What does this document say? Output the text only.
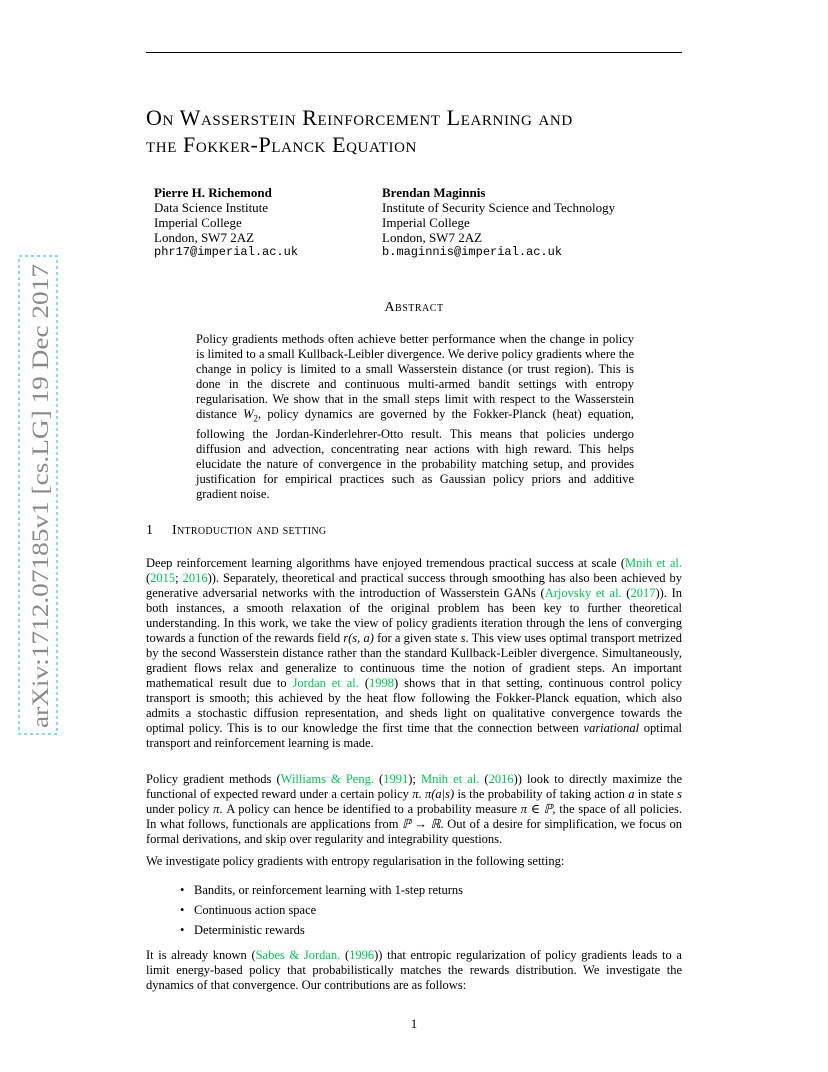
arXiv:1712.07185v1 [cs.LG] 19 Dec 2017
On Wasserstein Reinforcement Learning and
the Fokker-Planck Equation
Pierre H. Richemond
Data Science Institute
Imperial College
London, SW7 2AZ
phr17@imperial.ac.uk
Brendan Maginnis
Institute of Security Science and Technology
Imperial College
London, SW7 2AZ
b.maginnis@imperial.ac.uk
Abstract
Policy gradients methods often achieve better performance when the change in policy is limited to a small Kullback-Leibler divergence. We derive policy gradients where the change in policy is limited to a small Wasserstein distance (or trust region). This is done in the discrete and continuous multi-armed bandit settings with entropy regularisation. We show that in the small steps limit with respect to the Wasserstein distance $W_2$, policy dynamics are governed by the Fokker-Planck (heat) equation, following the Jordan-Kinderlehrer-Otto result. This means that policies undergo diffusion and advection, concentrating near actions with high reward. This helps elucidate the nature of convergence in the probability matching setup, and provides justification for empirical practices such as Gaussian policy priors and additive gradient noise.
1 Introduction and setting
Deep reinforcement learning algorithms have enjoyed tremendous practical success at scale (Mnih et al. (2015; 2016)). Separately, theoretical and practical success through smoothing has also been achieved by generative adversarial networks with the introduction of Wasserstein GANs (Arjovsky et al. (2017)). In both instances, a smooth relaxation of the original problem has been key to further theoretical understanding. In this work, we take the view of policy gradients iteration through the lens of converging towards a function of the rewards field r(s, a) for a given state s. This view uses optimal transport metrized by the second Wasserstein distance rather than the standard Kullback-Leibler divergence. Simultaneously, gradient flows relax and generalize to continuous time the notion of gradient steps. An important mathematical result due to Jordan et al. (1998) shows that in that setting, continuous control policy transport is smooth; this achieved by the heat flow following the Fokker-Planck equation, which also admits a stochastic diffusion representation, and sheds light on qualitative convergence towards the optimal policy. This is to our knowledge the first time that the connection between variational optimal transport and reinforcement learning is made.
Policy gradient methods (Williams & Peng. (1991); Mnih et al. (2016)) look to directly maximize the functional of expected reward under a certain policy π. π(a|s) is the probability of taking action a in state s under policy π. A policy can hence be identified to a probability measure π ∈ ℙ, the space of all policies. In what follows, functionals are applications from ℙ → ℝ. Out of a desire for simplification, we focus on formal derivations, and skip over regularity and integrability questions.
We investigate policy gradients with entropy regularisation in the following setting:
• Bandits, or reinforcement learning with 1-step returns
• Continuous action space
• Deterministic rewards
It is already known (Sabes & Jordan. (1996)) that entropic regularization of policy gradients leads to a limit energy-based policy that probabilistically matches the rewards distribution. We investigate the dynamics of that convergence. Our contributions are as follows:
1
